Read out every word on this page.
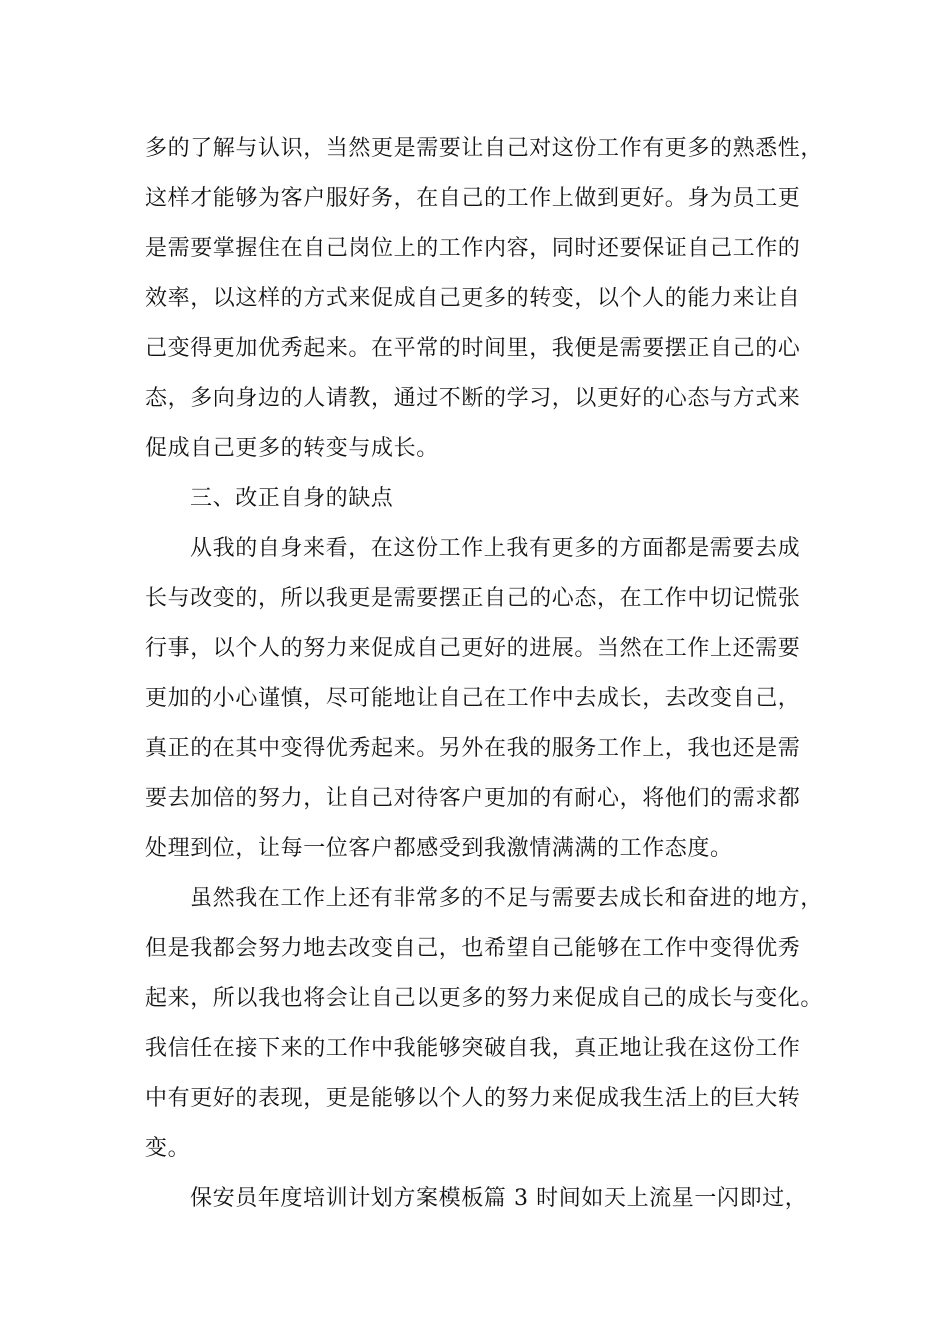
多的了解与认识，当然更是需要让自己对这份工作有更多的熟悉性，
这样才能够为客户服好务，在自己的工作上做到更好。身为员工更
是需要掌握住在自己岗位上的工作内容，同时还要保证自己工作的
效率，以这样的方式来促成自己更多的转变，以个人的能力来让自
己变得更加优秀起来。在平常的时间里，我便是需要摆正自己的心
态，多向身边的人请教，通过不断的学习，以更好的心态与方式来
促成自己更多的转变与成长。
三、改正自身的缺点
从我的自身来看，在这份工作上我有更多的方面都是需要去成
长与改变的，所以我更是需要摆正自己的心态，在工作中切记慌张
行事，以个人的努力来促成自己更好的进展。当然在工作上还需要
更加的小心谨慎，尽可能地让自己在工作中去成长，去改变自己，
真正的在其中变得优秀起来。另外在我的服务工作上，我也还是需
要去加倍的努力，让自己对待客户更加的有耐心，将他们的需求都
处理到位，让每一位客户都感受到我激情满满的工作态度。
虽然我在工作上还有非常多的不足与需要去成长和奋进的地方，
但是我都会努力地去改变自己，也希望自己能够在工作中变得优秀
起来，所以我也将会让自己以更多的努力来促成自己的成长与变化。
我信任在接下来的工作中我能够突破自我，真正地让我在这份工作
中有更好的表现，更是能够以个人的努力来促成我生活上的巨大转
变。
保安员年度培训计划方案模板篇 3 时间如天上流星一闪即过，
